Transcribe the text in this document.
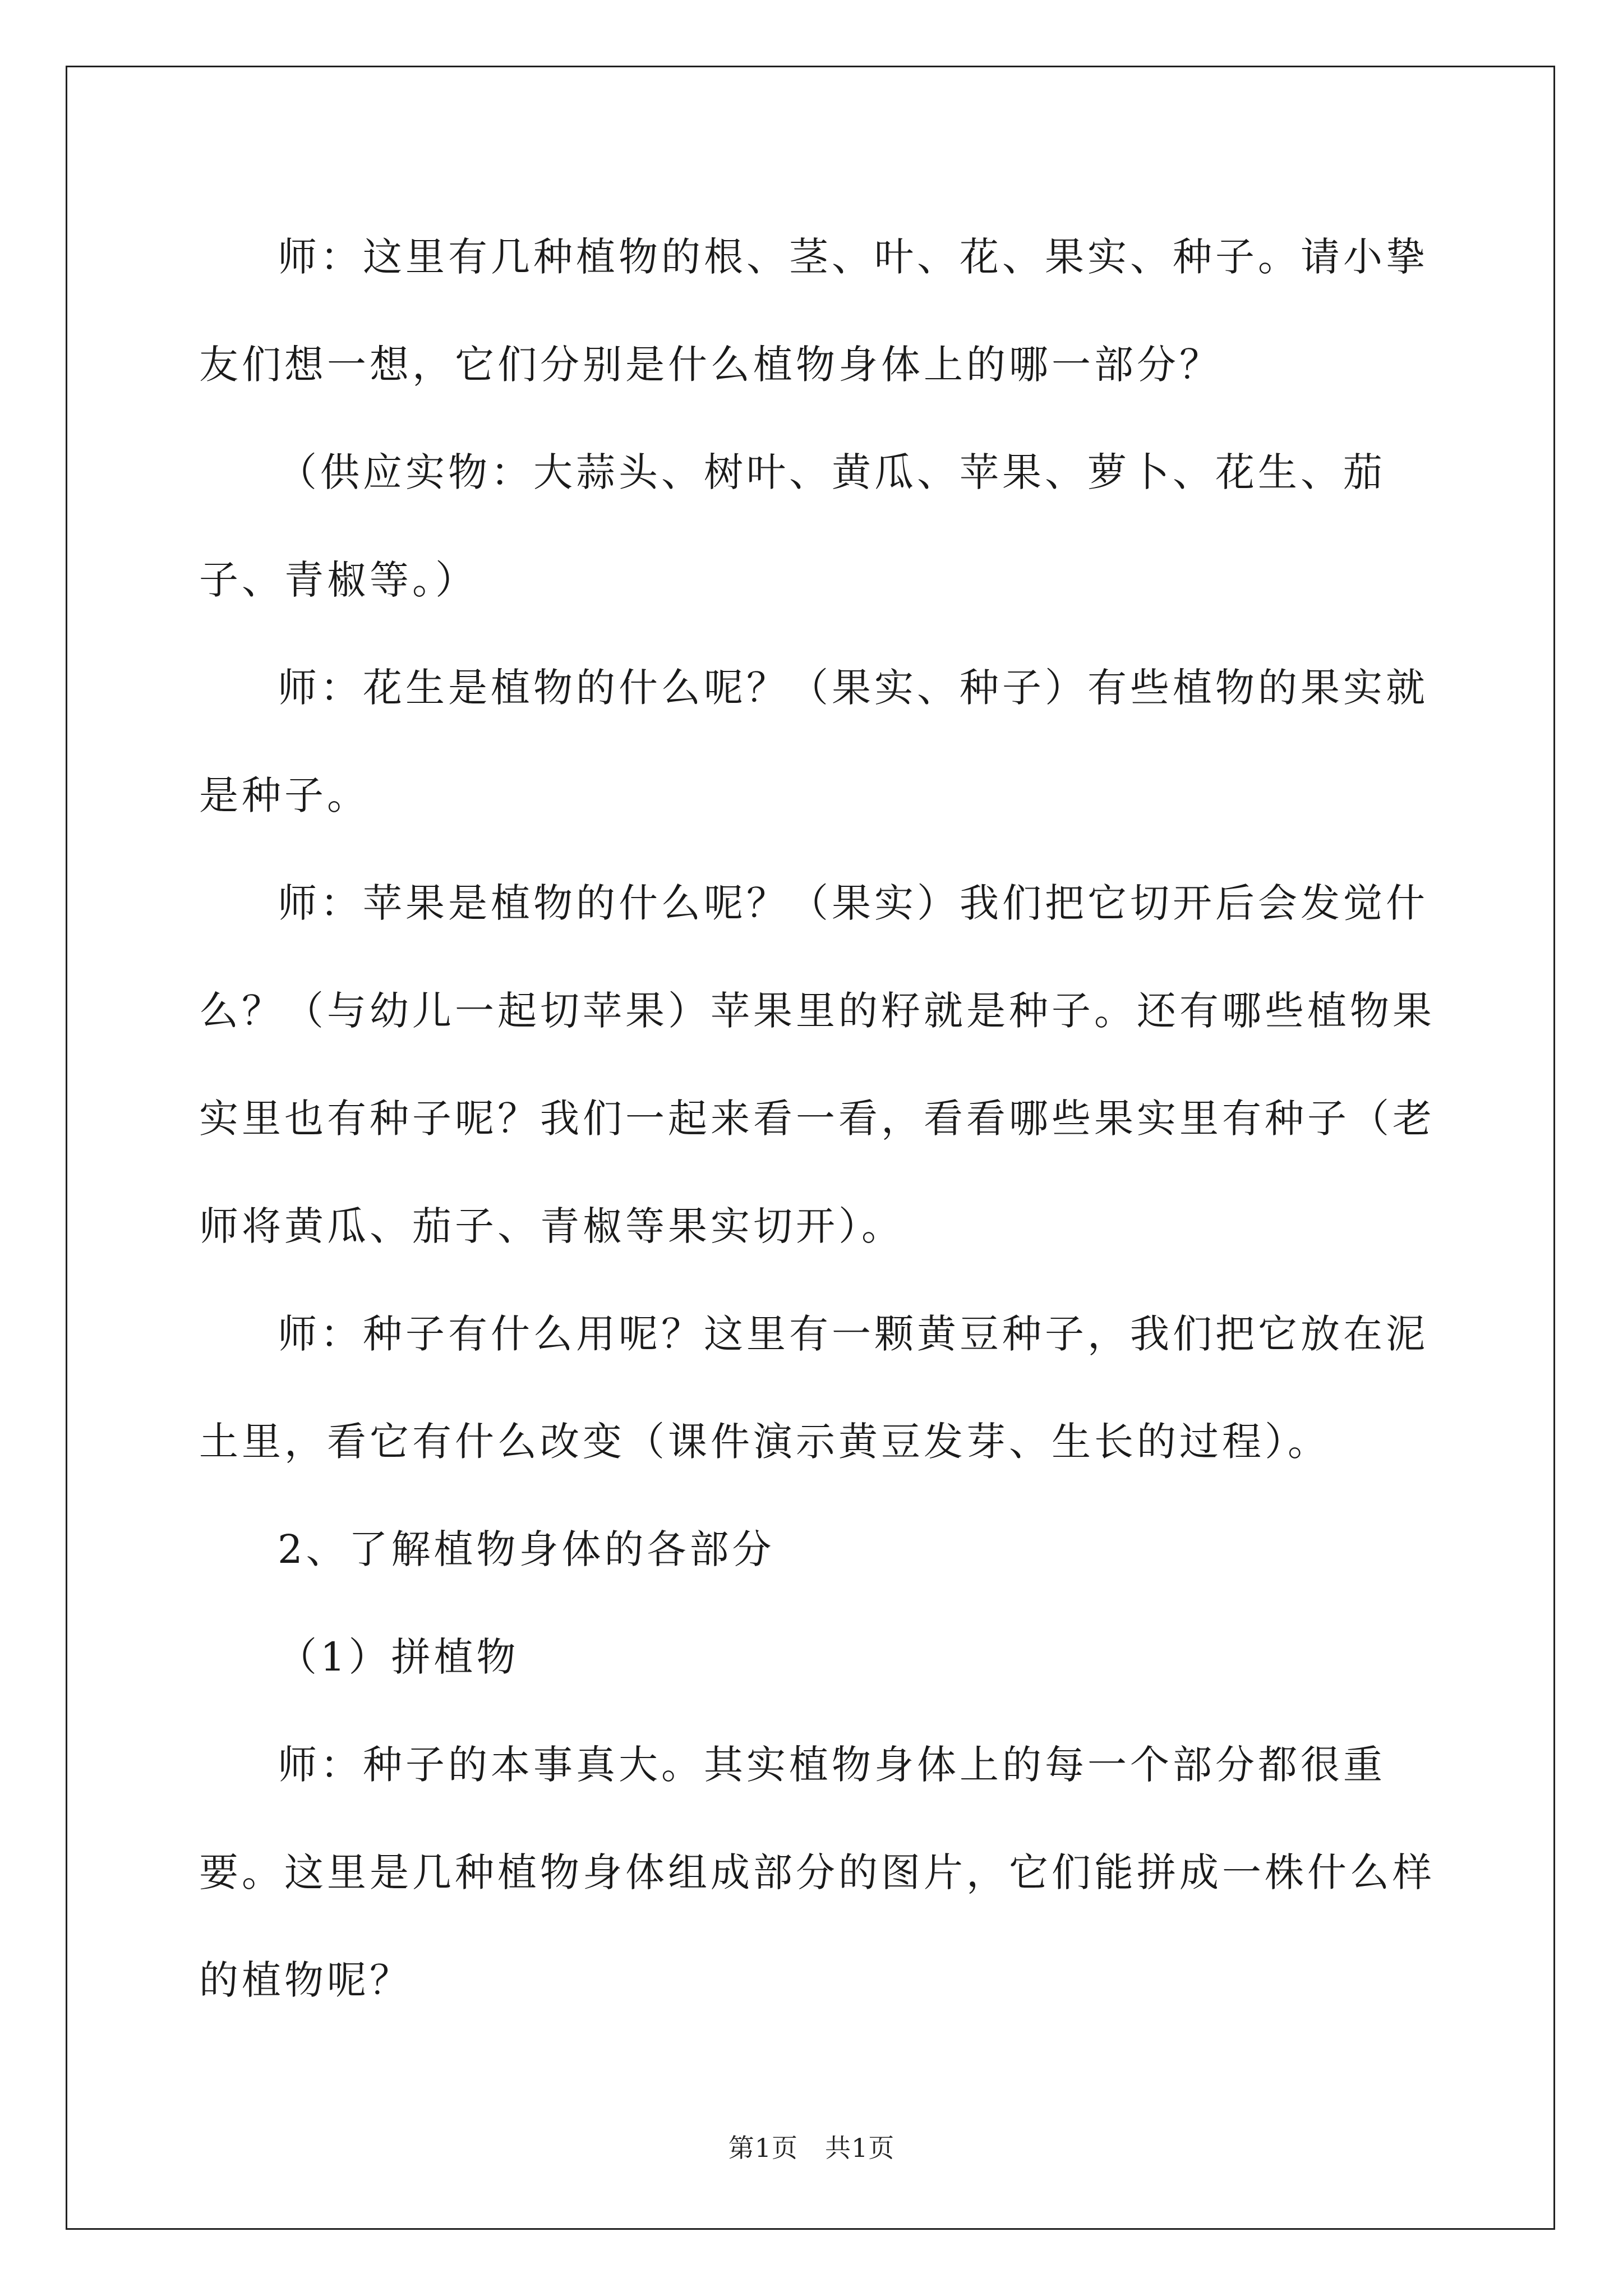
师：这里有几种植物的根、茎、叶、花、果实、种子。请小挚友们想一想，它们分别是什么植物身体上的哪一部分？

（供应实物：大蒜头、树叶、黄瓜、苹果、萝卜、花生、茄子、青椒等。）

师：花生是植物的什么呢？（果实、种子）有些植物的果实就是种子。

师：苹果是植物的什么呢？（果实）我们把它切开后会发觉什么？（与幼儿一起切苹果）苹果里的籽就是种子。还有哪些植物果实里也有种子呢？我们一起来看一看，看看哪些果实里有种子（老师将黄瓜、茄子、青椒等果实切开）。

师：种子有什么用呢？这里有一颗黄豆种子，我们把它放在泥土里，看它有什么改变（课件演示黄豆发芽、生长的过程）。

2、了解植物身体的各部分

（1）拼植物

师：种子的本事真大。其实植物身体上的每一个部分都很重要。这里是几种植物身体组成部分的图片，它们能拼成一株什么样的植物呢？

第1页 共1页
